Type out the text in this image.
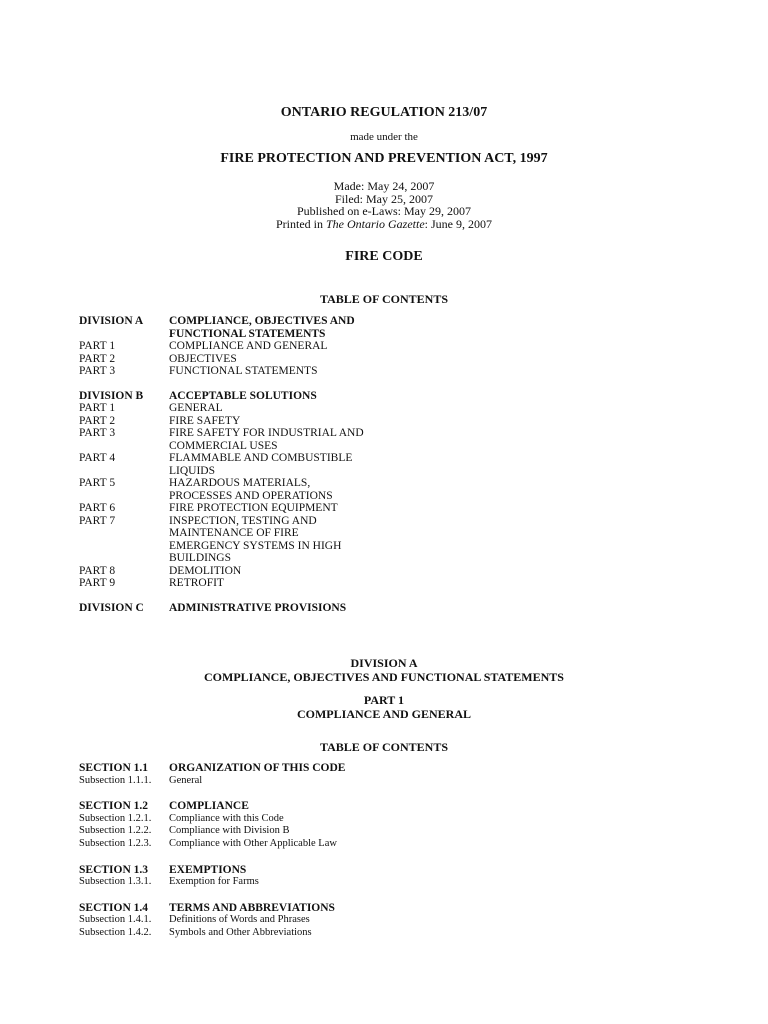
ONTARIO REGULATION 213/07
made under the
FIRE PROTECTION AND PREVENTION ACT, 1997
Made: May 24, 2007
Filed: May 25, 2007
Published on e-Laws: May 29, 2007
Printed in The Ontario Gazette: June 9, 2007
FIRE CODE
TABLE OF CONTENTS
DIVISION A	COMPLIANCE, OBJECTIVES AND
FUNCTIONAL STATEMENTS
PART 1	COMPLIANCE AND GENERAL
PART 2	OBJECTIVES
PART 3	FUNCTIONAL STATEMENTS
DIVISION B	ACCEPTABLE SOLUTIONS
PART 1	GENERAL
PART 2	FIRE SAFETY
PART 3	FIRE SAFETY FOR INDUSTRIAL AND
COMMERCIAL USES
PART 4	FLAMMABLE AND COMBUSTIBLE
LIQUIDS
PART 5	HAZARDOUS MATERIALS,
PROCESSES AND OPERATIONS
PART 6	FIRE PROTECTION EQUIPMENT
PART 7	INSPECTION, TESTING AND
MAINTENANCE OF FIRE
EMERGENCY SYSTEMS IN HIGH
BUILDINGS
PART 8	DEMOLITION
PART 9	RETROFIT
DIVISION C	ADMINISTRATIVE PROVISIONS
DIVISION A
COMPLIANCE, OBJECTIVES AND FUNCTIONAL STATEMENTS
PART 1
COMPLIANCE AND GENERAL
TABLE OF CONTENTS
SECTION 1.1	ORGANIZATION OF THIS CODE
Subsection 1.1.1.	General
SECTION 1.2	COMPLIANCE
Subsection 1.2.1.	Compliance with this Code
Subsection 1.2.2.	Compliance with Division B
Subsection 1.2.3.	Compliance with Other Applicable Law
SECTION 1.3	EXEMPTIONS
Subsection 1.3.1.	Exemption for Farms
SECTION 1.4	TERMS AND ABBREVIATIONS
Subsection 1.4.1.	Definitions of Words and Phrases
Subsection 1.4.2.	Symbols and Other Abbreviations
